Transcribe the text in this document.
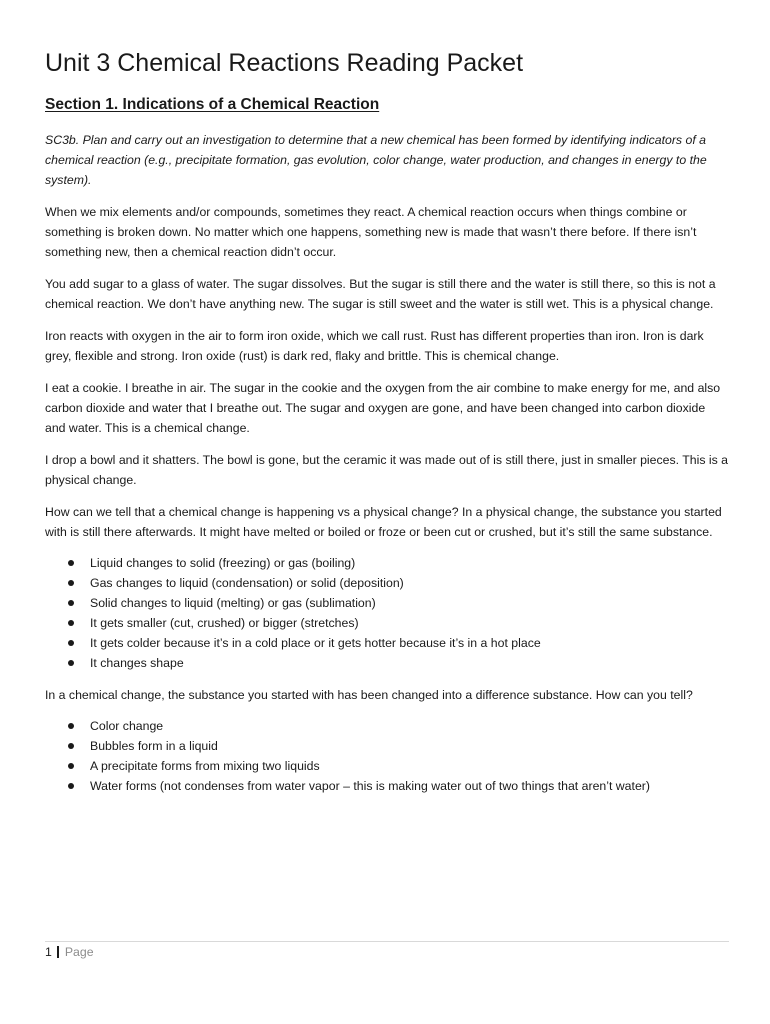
Unit 3 Chemical Reactions Reading Packet
Section 1. Indications of a Chemical Reaction

SC3b. Plan and carry out an investigation to determine that a new chemical has been formed by identifying indicators of a chemical reaction (e.g., precipitate formation, gas evolution, color change, water production, and changes in energy to the system).

When we mix elements and/or compounds, sometimes they react. A chemical reaction occurs when things combine or something is broken down. No matter which one happens, something new is made that wasn’t there before. If there isn’t something new, then a chemical reaction didn’t occur.

You add sugar to a glass of water. The sugar dissolves. But the sugar is still there and the water is still there, so this is not a chemical reaction. We don’t have anything new. The sugar is still sweet and the water is still wet. This is a physical change.

Iron reacts with oxygen in the air to form iron oxide, which we call rust. Rust has different properties than iron. Iron is dark grey, flexible and strong. Iron oxide (rust) is dark red, flaky and brittle. This is chemical change.

I eat a cookie. I breathe in air. The sugar in the cookie and the oxygen from the air combine to make energy for me, and also carbon dioxide and water that I breathe out. The sugar and oxygen are gone, and have been changed into carbon dioxide and water. This is a chemical change.

I drop a bowl and it shatters. The bowl is gone, but the ceramic it was made out of is still there, just in smaller pieces. This is a physical change.

How can we tell that a chemical change is happening vs a physical change? In a physical change, the substance you started with is still there afterwards. It might have melted or boiled or froze or been cut or crushed, but it’s still the same substance.

Liquid changes to solid (freezing) or gas (boiling)
Gas changes to liquid (condensation) or solid (deposition)
Solid changes to liquid (melting) or gas (sublimation)
It gets smaller (cut, crushed) or bigger (stretches)
It gets colder because it’s in a cold place or it gets hotter because it’s in a hot place
It changes shape

In a chemical change, the substance you started with has been changed into a difference substance. How can you tell?

Color change
Bubbles form in a liquid
A precipitate forms from mixing two liquids
Water forms (not condenses from water vapor – this is making water out of two things that aren’t water)
1 Page
